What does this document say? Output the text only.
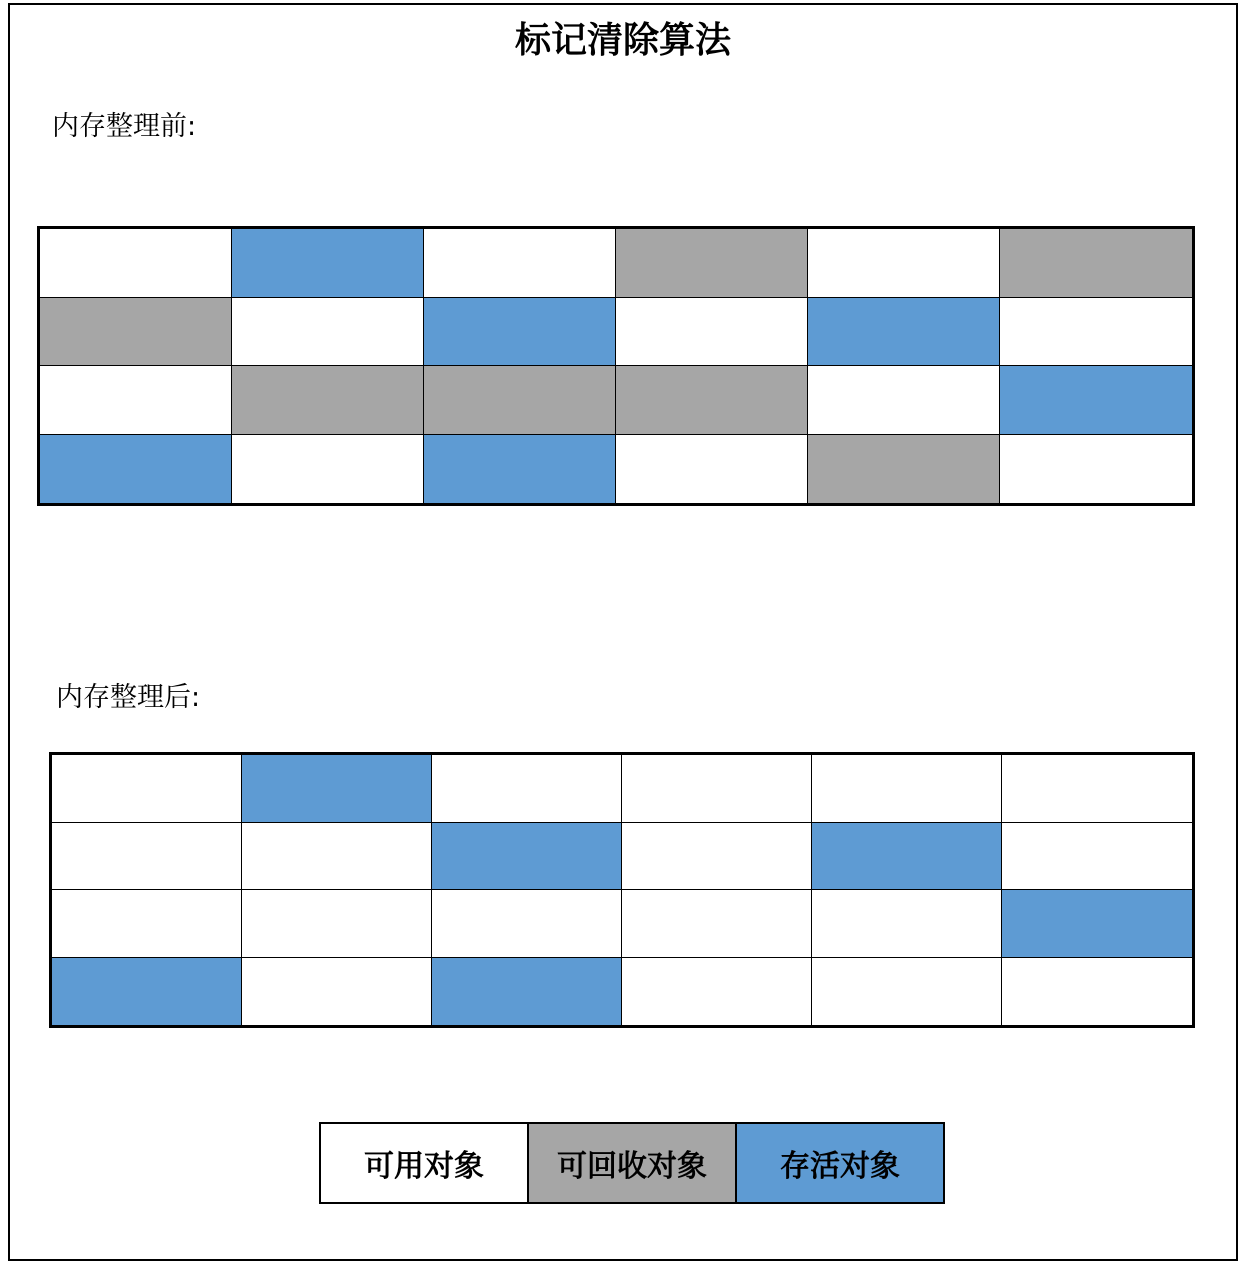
标记清除算法
内存整理前:
内存整理后:
可用对象 可回收对象 存活对象
